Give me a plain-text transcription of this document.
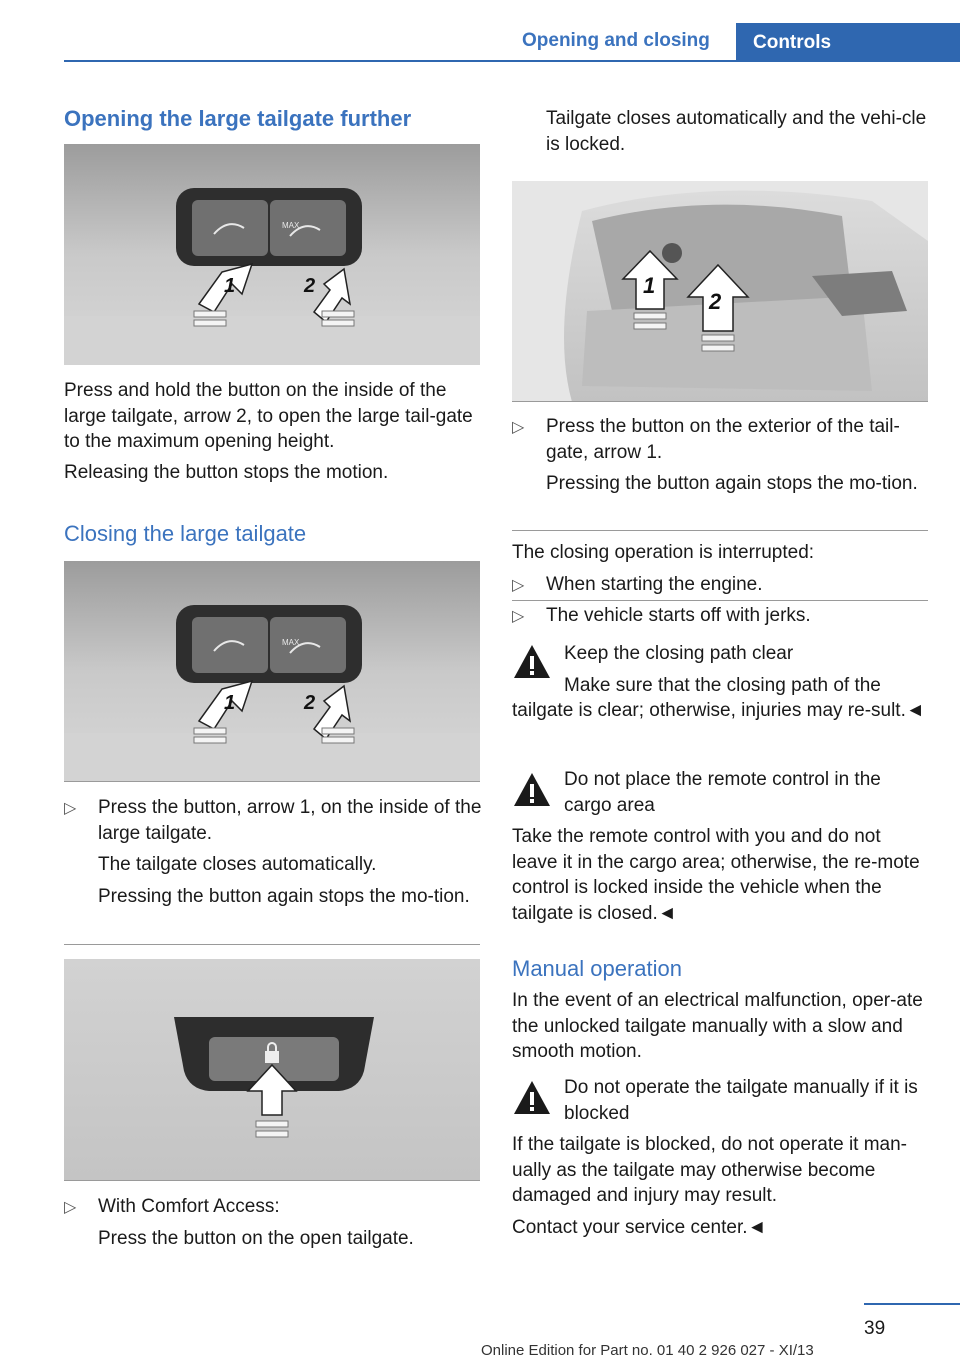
Opening and closing	Controls
Opening the large tailgate further
MAX
1	2
Press and hold the button on the inside of the large tailgate, arrow 2, to open the large tail‐gate to the maximum opening height.
Releasing the button stops the motion.
Closing the large tailgate
MAX
1	2
▷ Press the button, arrow 1, on the inside of the large tailgate.
The tailgate closes automatically.
Pressing the button again stops the mo‐tion.
▷ With Comfort Access:
Press the button on the open tailgate.
Tailgate closes automatically and the vehi‐cle is locked.
1
2
▷ Press the button on the exterior of the tail‐gate, arrow 1.
Pressing the button again stops the mo‐tion.
The closing operation is interrupted:
▷ When starting the engine.
▷ The vehicle starts off with jerks.
Keep the closing path clear
Make sure that the closing path of the
tailgate is clear; otherwise, injuries may re‐sult.◄
Do not place the remote control in the cargo area
Take the remote control with you and do not leave it in the cargo area; otherwise, the re‐mote control is locked inside the vehicle when the tailgate is closed.◄
Manual operation
In the event of an electrical malfunction, oper‐ate the unlocked tailgate manually with a slow and smooth motion.
Do not operate the tailgate manually if it is blocked
If the tailgate is blocked, do not operate it man‐ually as the tailgate may otherwise become damaged and injury may result.
Contact your service center.◄
39
Online Edition for Part no. 01 40 2 926 027 - XI/13
